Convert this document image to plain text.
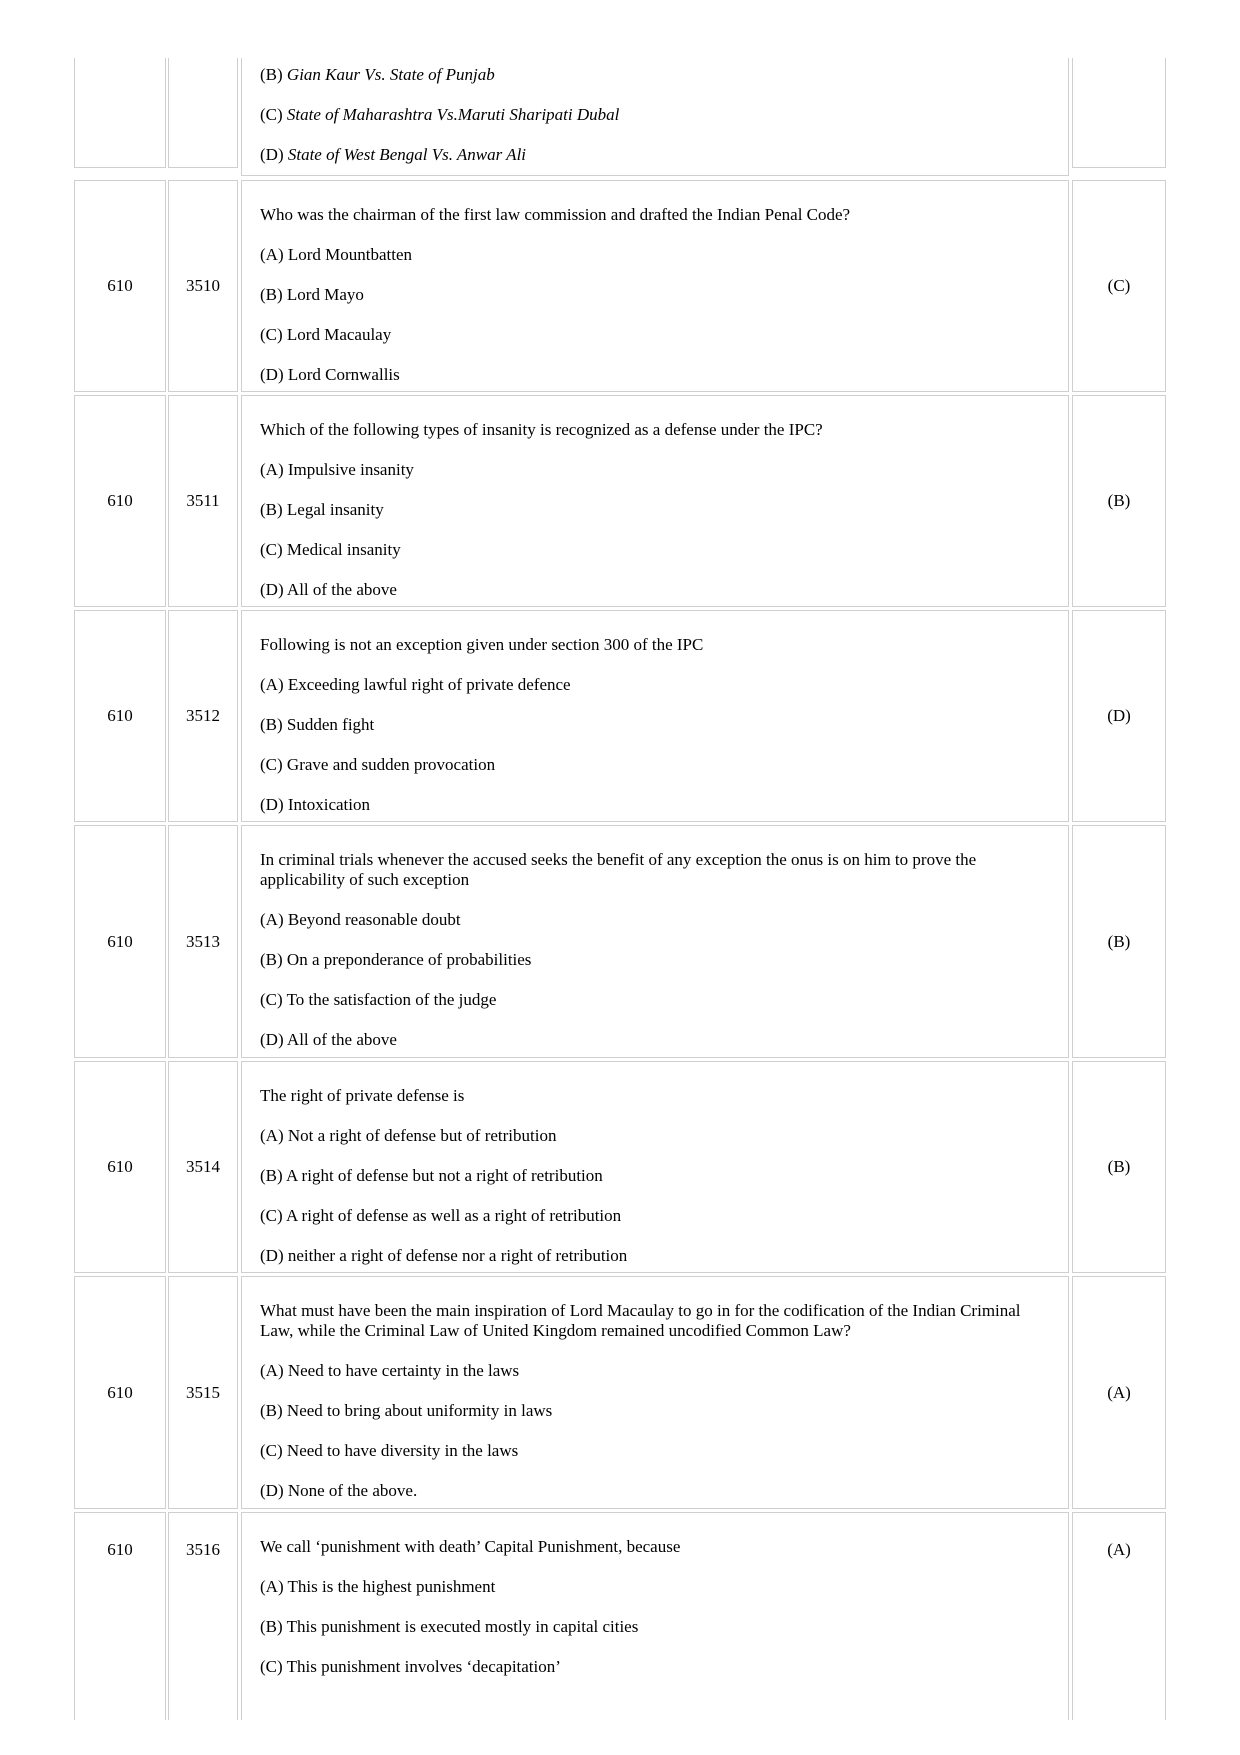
(B) Gian Kaur Vs. State of Punjab

(C) State of Maharashtra Vs.Maruti Sharipati Dubal

(D) State of West Bengal Vs. Anwar Ali

610	3510

Who was the chairman of the first law commission and drafted the Indian Penal Code?

(A) Lord Mountbatten

(B) Lord Mayo

(C) Lord Macaulay

(D) Lord Cornwallis

(C)
610	3511

Which of the following types of insanity is recognized as a defense under the IPC?

(A) Impulsive insanity

(B) Legal insanity

(C) Medical insanity

(D) All of the above

(B)
610	3512

Following is not an exception given under section 300 of the IPC

(A) Exceeding lawful right of private defence

(B) Sudden fight

(C) Grave and sudden provocation

(D) Intoxication

(D)
610	3513

In criminal trials whenever the accused seeks the benefit of any exception the onus is on him to prove the applicability of such exception

(A) Beyond reasonable doubt

(B) On a preponderance of probabilities

(C) To the satisfaction of the judge

(D) All of the above

(B)
610	3514

The right of private defense is

(A) Not a right of defense but of retribution

(B) A right of defense but not a right of retribution

(C) A right of defense as well as a right of retribution

(D) neither a right of defense nor a right of retribution

(B)
610	3515

What must have been the main inspiration of Lord Macaulay to go in for the codification of the Indian Criminal Law, while the Criminal Law of United Kingdom remained uncodified Common Law?

(A) Need to have certainty in the laws

(B) Need to bring about uniformity in laws

(C) Need to have diversity in the laws

(D) None of the above.

(A)
610	3516 We call ‘punishment with death’ Capital Punishment, because

(A) This is the highest punishment

(B) This punishment is executed mostly in capital cities

(C) This punishment involves ‘decapitation’

(A)
